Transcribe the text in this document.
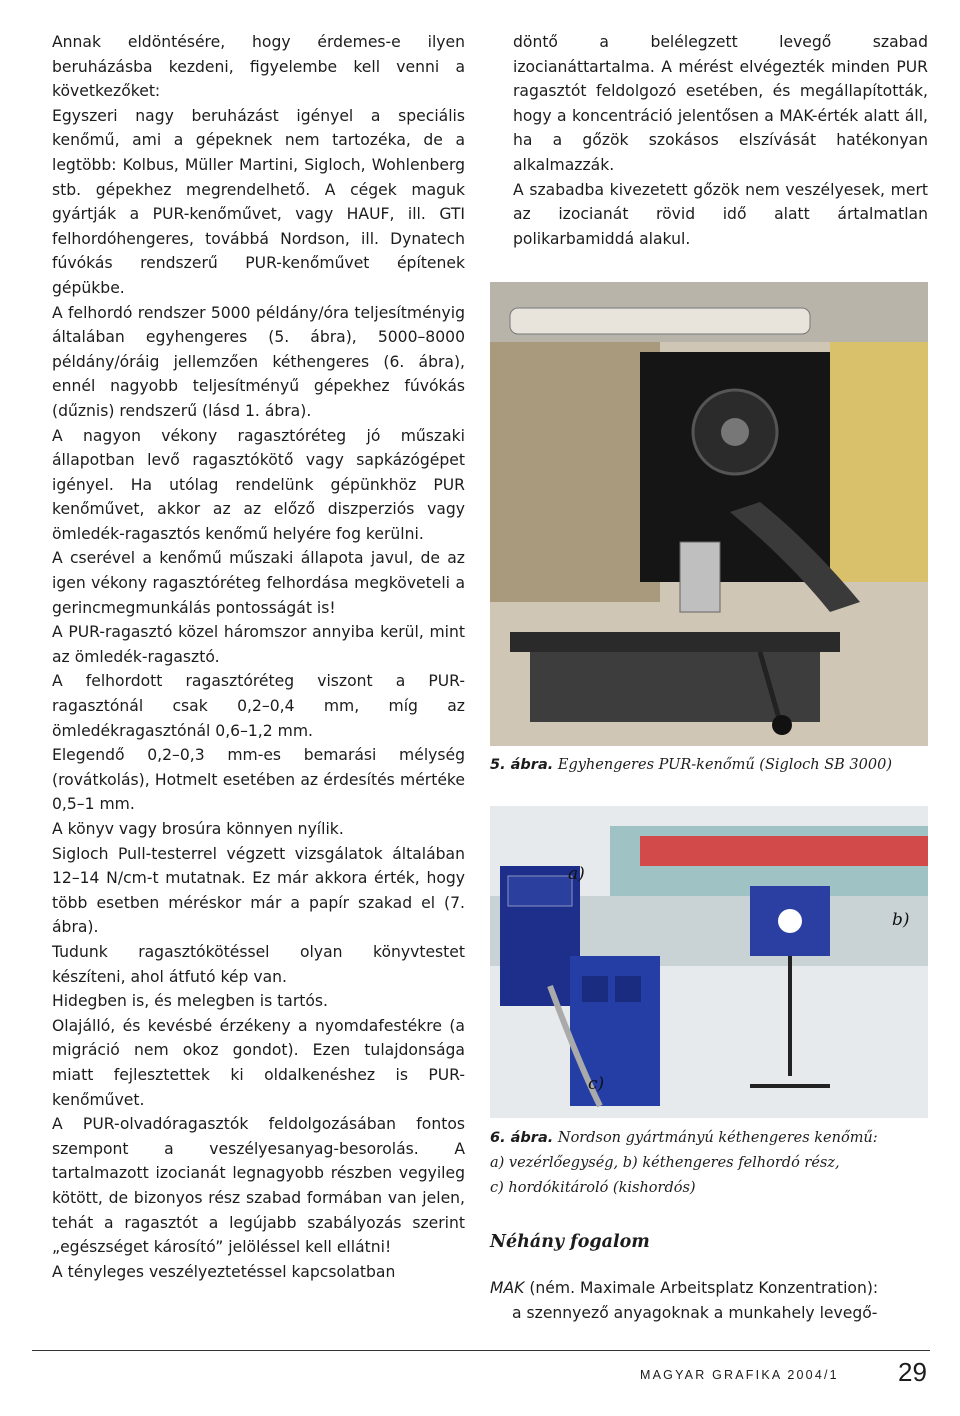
Annak eldöntésére, hogy érdemes-e ilyen beruházásba kezdeni, figyelembe kell venni a következőket:

Egyszeri nagy beruházást igényel a speciális kenőmű, ami a gépeknek nem tartozéka, de a legtöbb: Kolbus, Müller Martini, Sigloch, Wohlenberg stb. gépekhez megrendelhető. A cégek maguk gyártják a PUR-kenőművet, vagy HAUF, ill. GTI felhordóhengeres, továbbá Nordson, ill. Dynatech fúvókás rendszerű PUR-kenőművet építenek gépükbe.

A felhordó rendszer 5000 példány/óra teljesítményig általában egyhengeres (5. ábra), 5000–8000 példány/óráig jellemzően kéthengeres (6. ábra), ennél nagyobb teljesítményű gépekhez fúvókás (dűznis) rendszerű (lásd 1. ábra).

A nagyon vékony ragasztóréteg jó műszaki állapotban levő ragasztókötő vagy sapkázógépet igényel. Ha utólag rendelünk gépünkhöz PUR kenőművet, akkor az az előző diszperziós vagy ömledék-ragasztós kenőmű helyére fog kerülni.

A cserével a kenőmű műszaki állapota javul, de az igen vékony ragasztóréteg felhordása megköveteli a gerincmegmunkálás pontosságát is!

A PUR-ragasztó közel háromszor annyiba kerül, mint az ömledék-ragasztó.

A felhordott ragasztóréteg viszont a PUR-ragasztónál csak 0,2–0,4 mm, míg az ömledékragasztónál 0,6–1,2 mm.

Elegendő 0,2–0,3 mm-es bemarási mélység (rovátkolás), Hotmelt esetében az érdesítés mértéke 0,5–1 mm.

A könyv vagy brosúra könnyen nyílik.

Sigloch Pull-testerrel végzett vizsgálatok általában 12–14 N/cm-t mutatnak. Ez már akkora érték, hogy több esetben méréskor már a papír szakad el (7. ábra).

Tudunk ragasztókötéssel olyan könyvtestet készíteni, ahol átfutó kép van.

Hidegben is, és melegben is tartós.

Olajálló, és kevésbé érzékeny a nyomdafestékre (a migráció nem okoz gondot). Ezen tulajdonsága miatt fejlesztettek ki oldalkenéshez is PUR-kenőművet.

A PUR-olvadóragasztók feldolgozásában fontos szempont a veszélyesanyag-besorolás. A tartalmazott izocianát legnagyobb részben vegyileg kötött, de bizonyos rész szabad formában van jelen, tehát a ragasztót a legújabb szabályozás szerint „egészséget károsító” jelöléssel kell ellátni!

A tényleges veszélyeztetéssel kapcsolatban

döntő a belélegzett levegő szabad izocianáttartalma. A mérést elvégezték minden PUR ragasztót feldolgozó esetében, és megállapították, hogy a koncentráció jelentősen a MAK-érték alatt áll, ha a gőzök szokásos elszívását hatékonyan alkalmazzák.

A szabadba kivezetett gőzök nem veszélyesek, mert az izocianát rövid idő alatt ártalmatlan polikarbamiddá alakul.

5. ábra. Egyhengeres PUR-kenőmű (Sigloch SB 3000)
a)
b)
c)
6. ábra. Nordson gyártmányú kéthengeres kenőmű:
a) vezérlőegység, b) kéthengeres felhordó rész,
c) hordókitároló (kishordós)
Néhány fogalom
MAK (ném. Maximale Arbeitsplatz Konzentration):
a szennyező anyagoknak a munkahely levegő-
MAGYAR GRAFIKA 2004/1 29
